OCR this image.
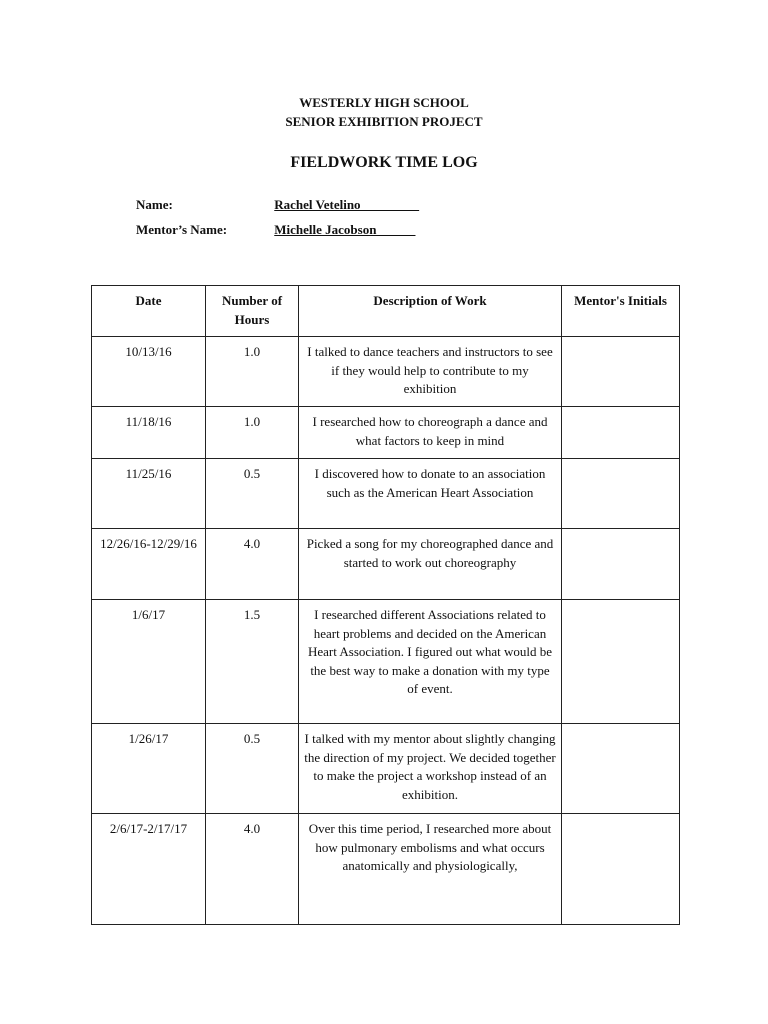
WESTERLY HIGH SCHOOL
SENIOR EXHIBITION PROJECT
FIELDWORK TIME LOG
Name:	Rachel Vetelino_________
Mentor’s Name:	Michelle Jacobson______
Date	Number of Hours	Description of Work	Mentor's Initials
10/13/16	1.0	I talked to dance teachers and instructors to see if they would help to contribute to my exhibition	
11/18/16	1.0	I researched how to choreograph a dance and what factors to keep in mind	
11/25/16	0.5	I discovered how to donate to an association such as the American Heart Association	
12/26/16-12/29/16	4.0	Picked a song for my choreographed dance and started to work out choreography	
1/6/17	1.5	I researched different Associations related to heart problems and decided on the American Heart Association. I figured out what would be the best way to make a donation with my type of event.	
1/26/17	0.5	I talked with my mentor about slightly changing the direction of my project. We decided together to make the project a workshop instead of an exhibition.	
2/6/17-2/17/17	4.0	Over this time period, I researched more about how pulmonary embolisms and what occurs anatomically and physiologically,	
